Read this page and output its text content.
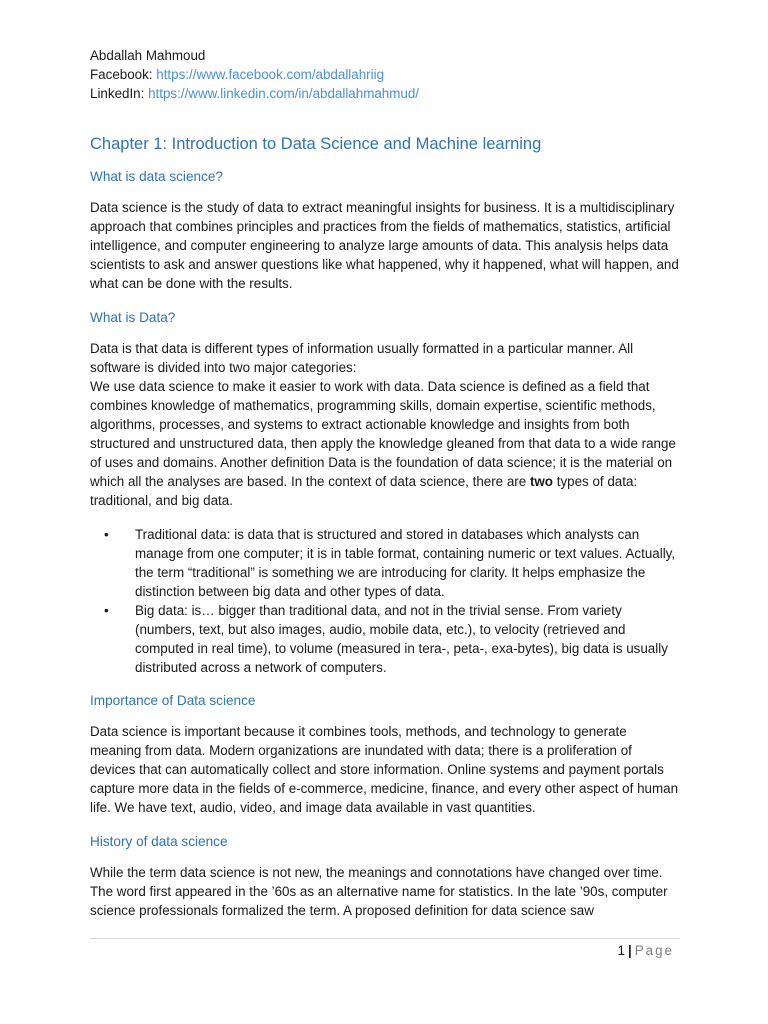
Abdallah Mahmoud

Facebook: https://www.facebook.com/abdallahriig

LinkedIn: https://www.linkedin.com/in/abdallahmahmud/

Chapter 1: Introduction to Data Science and Machine learning
What is data science?

Data science is the study of data to extract meaningful insights for business. It is a multidisciplinary approach that combines principles and practices from the fields of mathematics, statistics, artificial intelligence, and computer engineering to analyze large amounts of data. This analysis helps data scientists to ask and answer questions like what happened, why it happened, what will happen, and what can be done with the results.

What is Data?

Data is that data is different types of information usually formatted in a particular manner. All software is divided into two major categories:

We use data science to make it easier to work with data. Data science is defined as a field that combines knowledge of mathematics, programming skills, domain expertise, scientific methods, algorithms, processes, and systems to extract actionable knowledge and insights from both structured and unstructured data, then apply the knowledge gleaned from that data to a wide range of uses and domains. Another definition Data is the foundation of data science; it is the material on which all the analyses are based. In the context of data science, there are two types of data: traditional, and big data.

• Traditional data: is data that is structured and stored in databases which analysts can manage from one computer; it is in table format, containing numeric or text values. Actually, the term “traditional” is something we are introducing for clarity. It helps emphasize the distinction between big data and other types of data.
• Big data: is… bigger than traditional data, and not in the trivial sense. From variety (numbers, text, but also images, audio, mobile data, etc.), to velocity (retrieved and computed in real time), to volume (measured in tera-, peta-, exa-bytes), big data is usually distributed across a network of computers.
Importance of Data science

Data science is important because it combines tools, methods, and technology to generate meaning from data. Modern organizations are inundated with data; there is a proliferation of devices that can automatically collect and store information. Online systems and payment portals capture more data in the fields of e-commerce, medicine, finance, and every other aspect of human life. We have text, audio, video, and image data available in vast quantities.

History of data science

While the term data science is not new, the meanings and connotations have changed over time. The word first appeared in the ’60s as an alternative name for statistics. In the late ’90s, computer science professionals formalized the term. A proposed definition for data science saw

1 | Page
